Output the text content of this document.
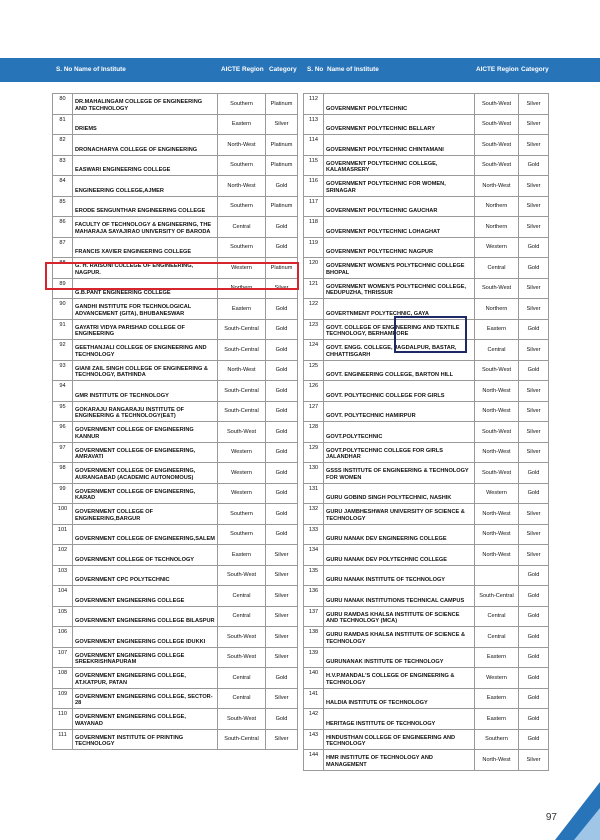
S. No Name of Institute	AICTE Region Category S. No Name of Institute	AICTE Region Category
80	DR.MAHALINGAM COLLEGE OF ENGINEERING AND TECHNOLOGY	Southern	Platinum
81	DRIEMS	Eastern	Silver
82	DRONACHARYA COLLEGE OF ENGINEERING	North-West	Platinum
83	EASWARI ENGINEERING COLLEGE	Southern	Platinum
84	ENGINEERING COLLEGE,AJMER	North-West	Gold
85	ERODE SENGUNTHAR ENGINEERING COLLEGE	Southern	Platinum
86	FACULTY OF TECHNOLOGY & ENGINEERING, THE MAHARAJA SAYAJIRAO UNIVERSITY OF BARODA	Central	Gold
87	FRANCIS XAVIER ENGINEERING COLLEGE	Southern	Gold
88	G. H. RAISONI COLLEGE OF ENGINEERING, NAGPUR.	Western	Platinum
89	G.B.PANT ENGINEERING COLLEGE	Northern	Silver
90	GANDHI INSTITUTE FOR TECHNOLOGICAL ADVANCEMENT (GITA), BHUBANESWAR	Eastern	Gold
91	GAYATRI VIDYA PARISHAD COLLEGE OF ENGINEERING	South-Central	Gold
92	GEETHANJALI COLLEGE OF ENGINEERING AND TECHNOLOGY	South-Central	Gold
93	GIANI ZAIL SINGH COLLEGE OF ENGINEERING & TECHNOLOGY, BATHINDA	North-West	Gold
94	GMR INSTITUTE OF TECHNOLOGY	South-Central	Gold
95	GOKARAJU RANGARAJU INSTITUTE OF ENGINEERING & TECHNOLOGY(E&T)	South-Central	Gold
96	GOVERNMENT COLLEGE OF ENGINEERING KANNUR	South-West	Gold
97	GOVERNMENT COLLEGE OF ENGINEERING, AMRAVATI	Western	Gold
98	GOVERNMENT COLLEGE OF ENGINEERING, AURANGABAD (ACADEMIC AUTONOMOUS)	Western	Gold
99	GOVERNMENT COLLEGE OF ENGINEERING, KARAD	Western	Gold
100	GOVERNMENT COLLEGE OF ENGINEERING,BARGUR	Southern	Gold
101	GOVERNMENT COLLEGE OF ENGINEERING,SALEM	Southern	Gold
102	GOVERNMENT COLLEGE OF TECHNOLOGY	Eastern	Silver
103	GOVERNMENT CPC POLYTECHNIC	South-West	Silver
104	GOVERNMENT ENGINEERING COLLEGE	Central	Silver
105	GOVERNMENT ENGINEERING COLLEGE BILASPUR	Central	Silver
106	GOVERNMENT ENGINEERING COLLEGE IDUKKI	South-West	Silver
107	GOVERNMENT ENGINEERING COLLEGE SREEKRISHNAPURAM	South-West	Silver
108	GOVERNMENT ENGINEERING COLLEGE, AT.KATPUR, PATAN	Central	Gold
109	GOVERNMENT ENGINEERING COLLEGE, SECTOR-28	Central	Silver
110	GOVERNMENT ENGINEERING COLLEGE, WAYANAD	South-West	Gold
111	GOVERNMENT INSTITUTE OF PRINTING TECHNOLOGY	South-Central	Silver
112	GOVERNMENT POLYTECHNIC	South-West	Silver
113	GOVERNMENT POLYTECHNIC BELLARY	South-West	Silver
114	GOVERNMENT POLYTECHNIC CHINTAMANI	South-West	Silver
115	GOVERNMENT POLYTECHNIC COLLEGE, KALAMASRERY	South-West	Gold
116	GOVERNMENT POLYTECHNIC FOR WOMEN, SRINAGAR	North-West	Silver
117	GOVERNMENT POLYTECHNIC GAUCHAR	Northern	Silver
118	GOVERNMENT POLYTECHNIC LOHAGHAT	Northern	Silver
119	GOVERNMENT POLYTECHNIC NAGPUR	Western	Gold
120	GOVERNMENT WOMEN'S POLYTECHNIC COLLEGE BHOPAL	Central	Gold
121	GOVERNMENT WOMEN'S POLYTECHNIC COLLEGE, NEDUPUZHA, THRISSUR	South-West	Silver
122	GOVERTNMENT POLYTECHNIC, GAYA	Northern	Silver
123	GOVT. COLLEGE OF ENGINEERING AND TEXTILE TECHNOLOGY, BERHAMPORE	Eastern	Gold
124	GOVT. ENGG. COLLEGE, JAGDALPUR, BASTAR, CHHATTISGARH	Central	Silver
125	GOVT. ENGINEERING COLLEGE, BARTON HILL	South-West	Gold
126	GOVT. POLYTECHNIC COLLEGE FOR GIRLS	North-West	Silver
127	GOVT. POLYTECHNIC HAMIRPUR	North-West	Silver
128	GOVT.POLYTECHNIC	South-West	Silver
129	GOVT.POLYTECHNIC COLLEGE FOR GIRLS JALANDHAR	North-West	Silver
130	GSSS INSTITUTE OF ENGINEERING & TECHNOLOGY FOR WOMEN	South-West	Gold
131	GURU GOBIND SINGH POLYTECHNIC, NASHIK	Western	Gold
132	GURU JAMBHESHWAR UNIVERSITY OF SCIENCE & TECHNOLOGY	North-West	Silver
133	GURU NANAK DEV ENGINEERING COLLEGE	North-West	Silver
134	GURU NANAK DEV POLYTECHNIC COLLEGE	North-West	Silver
135	GURU NANAK INSTITUTE OF TECHNOLOGY		Gold
136	GURU NANAK INSTITUTIONS TECHNICAL CAMPUS	South-Central	Gold
137	GURU RAMDAS KHALSA INSTITUTE OF SCIENCE AND TECHNOLOGY (MCA)	Central	Gold
138	GURU RAMDAS KHALSA INSTITUTE OF SCIENCE & TECHNOLOGY	Central	Gold
139	GURUNANAK INSTITUTE OF TECHNOLOGY	Eastern	Gold
140	H.V.P.MANDAL'S COLLEGE OF ENGINEERING & TECHNOLOGY	Western	Gold
141	HALDIA INSTITUTE OF TECHNOLOGY	Eastern	Gold
142	HERITAGE INSTITUTE OF TECHNOLOGY	Eastern	Gold
143	HINDUSTHAN COLLEGE OF ENGINEERING AND TECHNOLOGY	Southern	Gold
144	HMR INSTITUTE OF TECHNOLOGY AND MANAGEMENT	North-West	Silver
97
